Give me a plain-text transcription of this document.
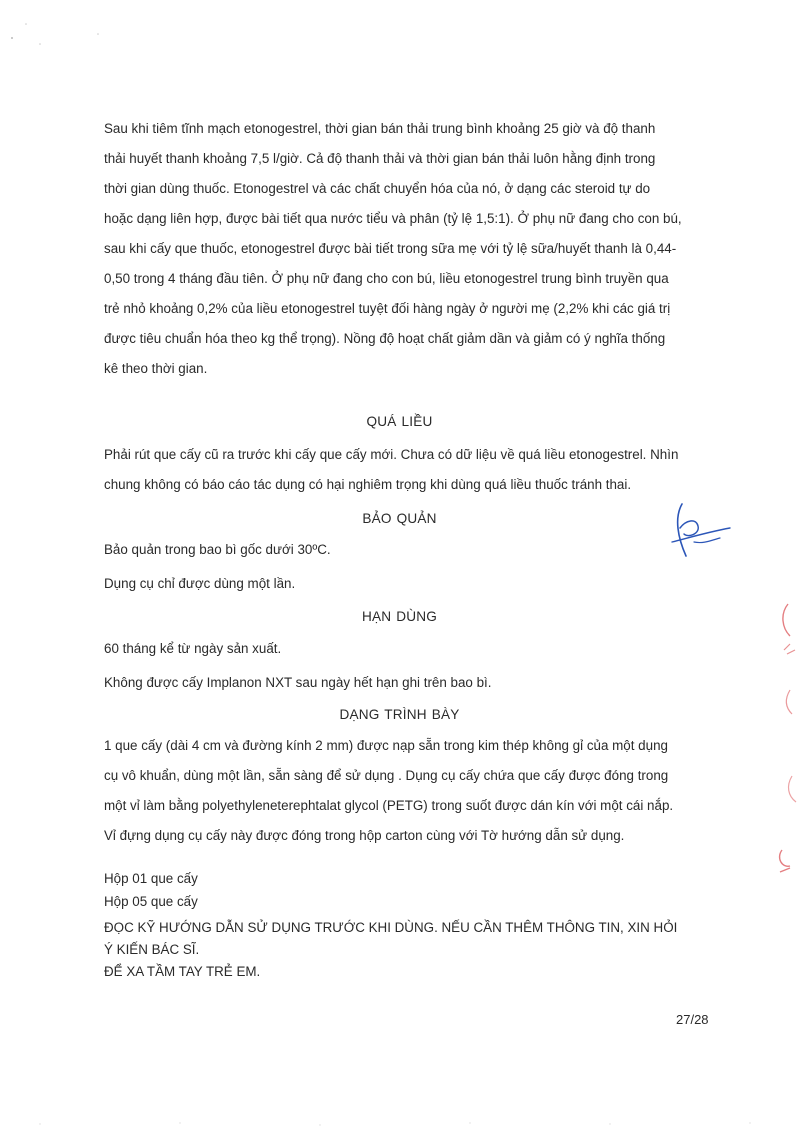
Sau khi tiêm tĩnh mạch etonogestrel, thời gian bán thải trung bình khoảng 25 giờ và độ thanh
thải huyết thanh khoảng 7,5 l/giờ. Cả độ thanh thải và thời gian bán thải luôn hằng định trong
thời gian dùng thuốc. Etonogestrel và các chất chuyển hóa của nó, ở dạng các steroid tự do
hoặc dạng liên hợp, được bài tiết qua nước tiểu và phân (tỷ lệ 1,5:1). Ở phụ nữ đang cho con bú,
sau khi cấy que thuốc, etonogestrel được bài tiết trong sữa mẹ với tỷ lệ sữa/huyết thanh là 0,44-
0,50 trong 4 tháng đầu tiên. Ở phụ nữ đang cho con bú, liều etonogestrel trung bình truyền qua
trẻ nhỏ khoảng 0,2% của liều etonogestrel tuyệt đối hàng ngày ở người mẹ (2,2% khi các giá trị
được tiêu chuẩn hóa theo kg thể trọng). Nồng độ hoạt chất giảm dần và giảm có ý nghĩa thống
kê theo thời gian.
QUÁ LIỀU
Phải rút que cấy cũ ra trước khi cấy que cấy mới. Chưa có dữ liệu về quá liều etonogestrel. Nhìn
chung không có báo cáo tác dụng có hại nghiêm trọng khi dùng quá liều thuốc tránh thai.
BẢO QUẢN

Bảo quản trong bao bì gốc dưới 30ºC.

Dụng cụ chỉ được dùng một lần.

HẠN DÙNG

60 tháng kể từ ngày sản xuất.

Không được cấy Implanon NXT sau ngày hết hạn ghi trên bao bì.

DẠNG TRÌNH BÀY
1 que cấy (dài 4 cm và đường kính 2 mm) được nạp sẵn trong kim thép không gỉ của một dụng
cụ vô khuẩn, dùng một lần, sẵn sàng để sử dụng . Dụng cụ cấy chứa que cấy được đóng trong
một vỉ làm bằng polyethyleneterephtalat glycol (PETG) trong suốt được dán kín với một cái nắp.
Vỉ đựng dụng cụ cấy này được đóng trong hộp carton cùng với Tờ hướng dẫn sử dụng.

Hộp 01 que cấy

Hộp 05 que cấy

ĐỌC KỸ HƯỚNG DẪN SỬ DỤNG TRƯỚC KHI DÙNG. NẾU CẦN THÊM THÔNG TIN, XIN HỎI
Ý KIẾN BÁC SĨ.
ĐỂ XA TẦM TAY TRẺ EM.
27/28
